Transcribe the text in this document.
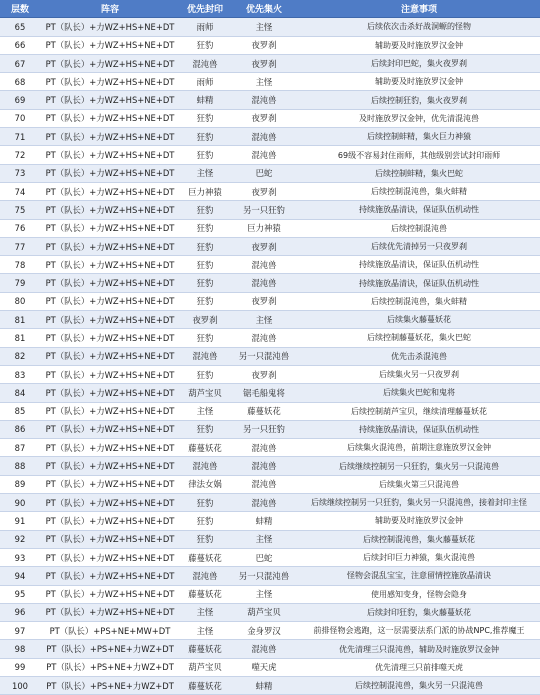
层数	阵容	优先封印	优先集火	注意事项
65	PT（队长）+力WZ+HS+NE+DT	雨师	主怪	后续依次击杀好战洞螈的怪物
66	PT（队长）+力WZ+HS+NE+DT	狂豹	夜罗刹	辅助要及时施放罗汉金钟
67	PT（队长）+力WZ+HS+NE+DT	混沌兽	夜罗刹	后续封印巴蛇，集火夜罗刹
68	PT（队长）+力WZ+HS+NE+DT	雨师	主怪	辅助要及时施放罗汉金钟
69	PT（队长）+力WZ+HS+NE+DT	蚌精	混沌兽	后续控制狂豹，集火夜罗刹
70	PT（队长）+力WZ+HS+NE+DT	狂豹	夜罗刹	及时施放罗汉金钟，优先清混沌兽
71	PT（队长）+力WZ+HS+NE+DT	狂豹	混沌兽	后续控制蚌精，集火巨力神猿
72	PT（队长）+力WZ+HS+NE+DT	狂豹	混沌兽	69级不容易封住雨师，其他级别尝试封印雨师
73	PT（队长）+力WZ+HS+NE+DT	主怪	巴蛇	后续控制蚌精，集火巴蛇
74	PT（队长）+力WZ+HS+NE+DT	巨力神猿	夜罗刹	后续控制混沌兽，集火蚌精
75	PT（队长）+力WZ+HS+NE+DT	狂豹	另一只狂豹	持续施放晶清诀，保证队伍机动性
76	PT（队长）+力WZ+HS+NE+DT	狂豹	巨力神猿	后续控制混沌兽
77	PT（队长）+力WZ+HS+NE+DT	狂豹	夜罗刹	后续优先清掉另一只夜罗刹
78	PT（队长）+力WZ+HS+NE+DT	狂豹	混沌兽	持续施放晶清诀，保证队伍机动性
79	PT（队长）+力WZ+HS+NE+DT	狂豹	混沌兽	持续施放晶清诀，保证队伍机动性
80	PT（队长）+力WZ+HS+NE+DT	狂豹	夜罗刹	后续控制混沌兽，集火蚌精
81	PT（队长）+力WZ+HS+NE+DT	夜罗刹	主怪	后续集火藤蔓妖花
81	PT（队长）+力WZ+HS+NE+DT	狂豹	混沌兽	后续控制藤蔓妖花，集火巴蛇
82	PT（队长）+力WZ+HS+NE+DT	混沌兽	另一只混沌兽	优先击杀混沌兽
83	PT（队长）+力WZ+HS+NE+DT	狂豹	夜罗刹	后续集火另一只夜罗刹
84	PT（队长）+力WZ+HS+NE+DT	葫芦宝贝	锯毛船鬼将	后续集火巴蛇和鬼将
85	PT（队长）+力WZ+HS+NE+DT	主怪	藤蔓妖花	后续控制葫芦宝贝，继续清理藤蔓妖花
86	PT（队长）+力WZ+HS+NE+DT	狂豹	另一只狂豹	持续施放晶清诀，保证队伍机动性
87	PT（队长）+力WZ+HS+NE+DT	藤蔓妖花	混沌兽	后续集火混沌兽，前期注意施放罗汉金钟
88	PT（队长）+力WZ+HS+NE+DT	混沌兽	混沌兽	后续继续控制另一只狂豹，集火另一只混沌兽
89	PT（队长）+力WZ+HS+NE+DT	律法女娲	混沌兽	后续集火第三只混沌兽
90	PT（队长）+力WZ+HS+NE+DT	狂豹	混沌兽	后续继续控制另一只狂豹，集火另一只混沌兽，接着封印主怪
91	PT（队长）+力WZ+HS+NE+DT	狂豹	蚌精	辅助要及时施放罗汉金钟
92	PT（队长）+力WZ+HS+NE+DT	狂豹	主怪	后续控制混沌兽，集火藤蔓妖花
93	PT（队长）+力WZ+HS+NE+DT	藤蔓妖花	巴蛇	后续封印巨力神猿，集火混沌兽
94	PT（队长）+力WZ+HS+NE+DT	混沌兽	另一只混沌兽	怪物会混乱宝宝，注意留情控施放晶清诀
95	PT（队长）+力WZ+HS+NE+DT	藤蔓妖花	主怪	使用感知变身，怪物会隐身
96	PT（队长）+力WZ+HS+NE+DT	主怪	葫芦宝贝	后续封印狂豹，集火藤蔓妖花
97	PT（队长）+PS+NE+MW+DT	主怪	金身罗汉	前排怪物会逃跑，这一层需要法系门派的协战NPC,推荐魔王
98	PT（队长）+PS+NE+力WZ+DT	藤蔓妖花	混沌兽	优先清理三只混沌兽，辅助及时施放罗汉金钟
99	PT（队长）+PS+NE+力WZ+DT	葫芦宝贝	噬天虎	优先清理三只前排噬天虎
100	PT（队长）+PS+NE+力WZ+DT	藤蔓妖花	蚌精	后续控制混沌兽，集火另一只混沌兽
